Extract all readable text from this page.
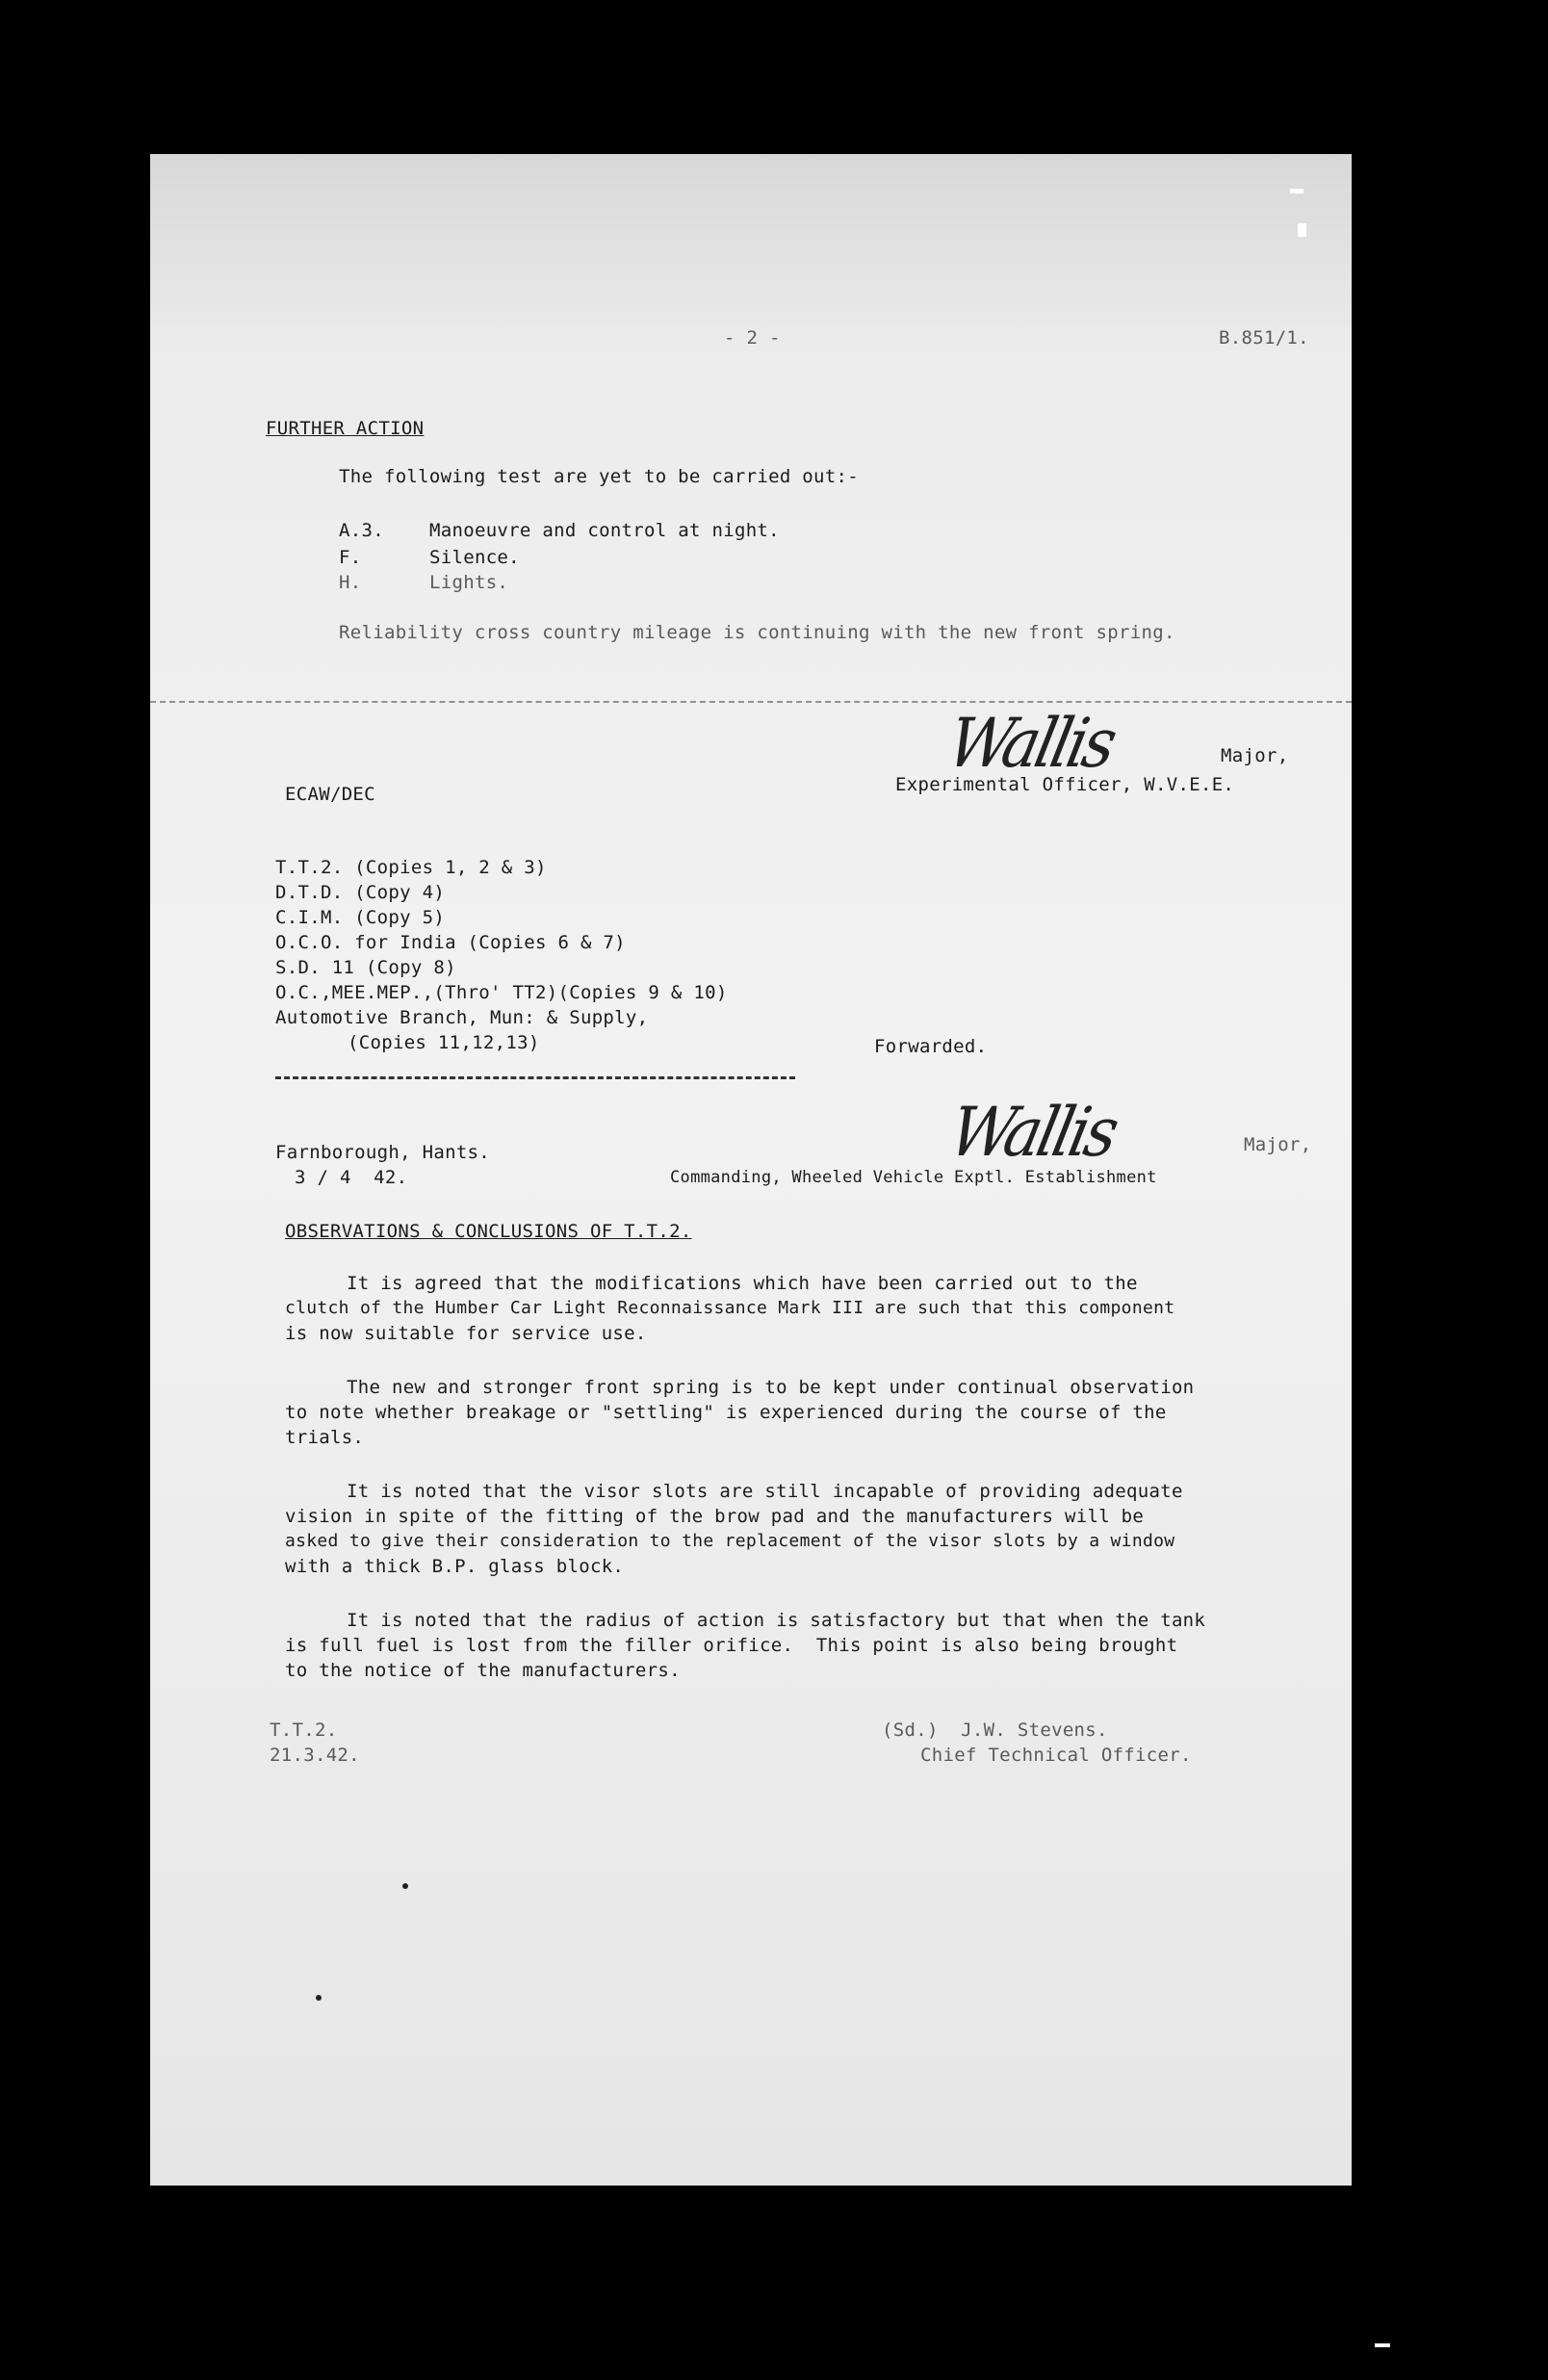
- 2 -	B.851/1.
FURTHER ACTION
The following test are yet to be carried out:-
A.3. Manoeuvre and control at night.
F.	Silence.
H.	Lights.
Reliability cross country mileage is continuing with the new front spring.
Wallis	Major,
ECAW/DEC	Experimental Officer, W.V.E.E.
T.T.2. (Copies 1, 2 & 3)
D.T.D. (Copy 4)
C.I.M. (Copy 5)
O.C.O. for India (Copies 6 & 7)
S.D. 11 (Copy 8)
O.C.,MEE.MEP.,(Thro' TT2)(Copies 9 & 10)
Automotive Branch, Mun: & Supply,
(Copies 11,12,13)	Forwarded.
Wallis
Farnborough, Hants.	Major,
3 / 4  42.	Commanding, Wheeled Vehicle Exptl. Establishment
OBSERVATIONS & CONCLUSIONS OF T.T.2.
It is agreed that the modifications which have been carried out to the
clutch of the Humber Car Light Reconnaissance Mark III are such that this component
is now suitable for service use.
The new and stronger front spring is to be kept under continual observation
to note whether breakage or "settling" is experienced during the course of the
trials.
It is noted that the visor slots are still incapable of providing adequate
vision in spite of the fitting of the brow pad and the manufacturers will be
asked to give their consideration to the replacement of the visor slots by a window
with a thick B.P. glass block.
It is noted that the radius of action is satisfactory but that when the tank
is full fuel is lost from the filler orifice.  This point is also being brought
to the notice of the manufacturers.
T.T.2.
21.3.42.
(Sd.)  J.W. Stevens.
Chief Technical Officer.
